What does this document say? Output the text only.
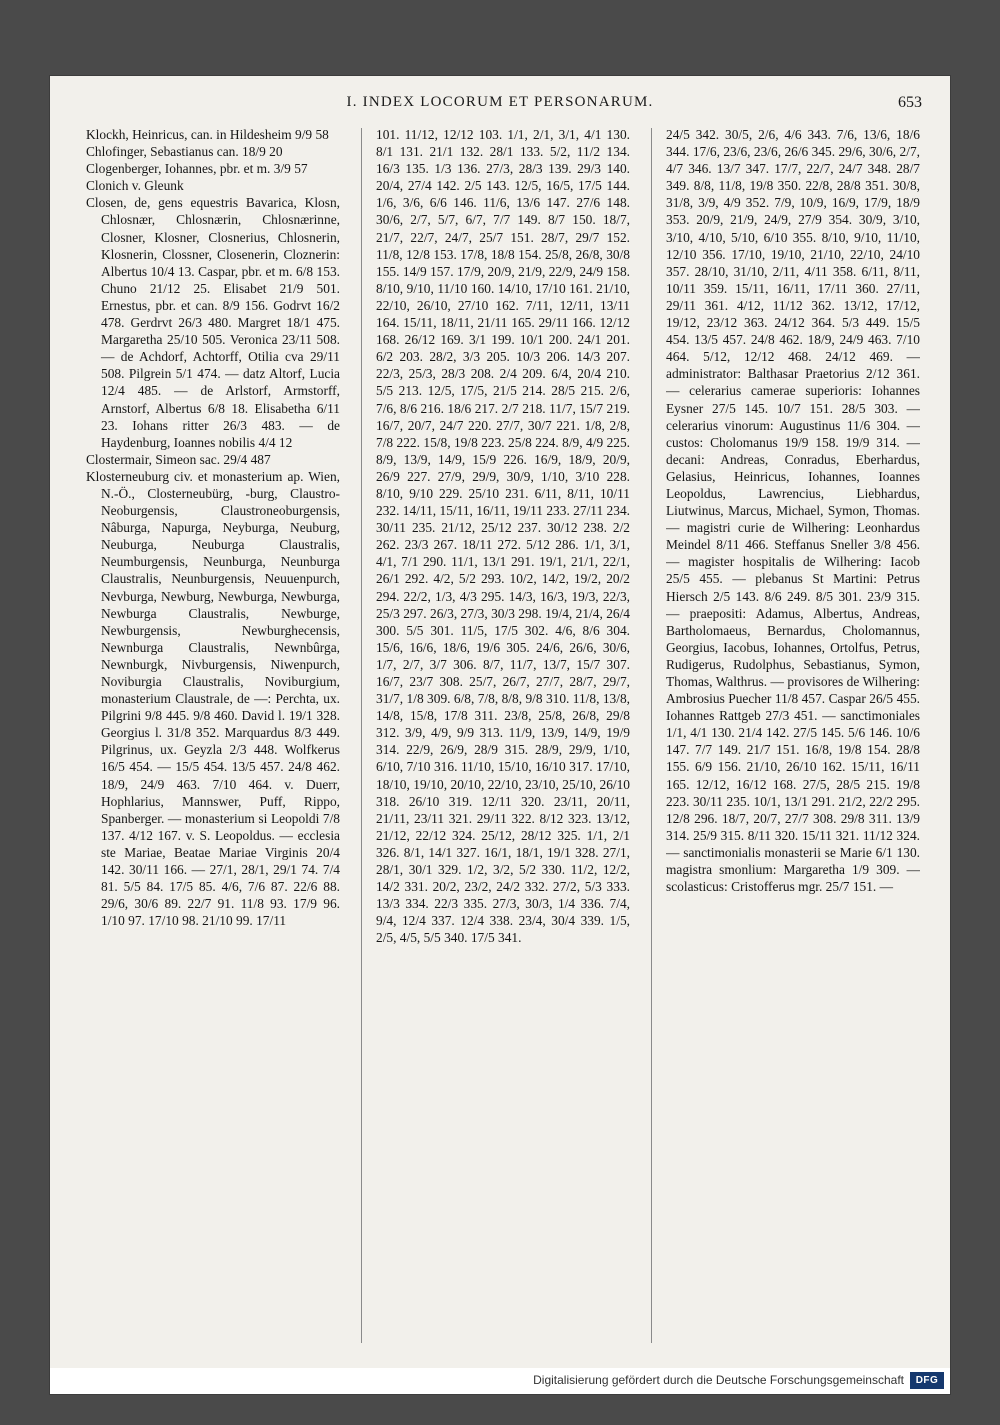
I. INDEX LOCORUM ET PERSONARUM.	653

Klockh, Heinricus, can. in Hildesheim 9/9 58

Chlofinger, Sebastianus can. 18/9 20

Clogenberger, Iohannes, pbr. et m. 3/9 57

Clonich v. Gleunk

Closen, de, gens equestris Bavarica, Klosn, Chlosnær, Chlosnærin, Chlosnærinne, Closner, Klosner, Closnerius, Chlosnerin, Klosnerin, Clossner, Closenerin, Cloznerin: Albertus 10/4 13. Caspar, pbr. et m. 6/8 153. Chuno 21/12 25. Elisabet 21/9 501. Ernestus, pbr. et can. 8/9 156. Godrvt 16/2 478. Gerdrvt 26/3 480. Margret 18/1 475. Margaretha 25/10 505. Veronica 23/11 508. — de Achdorf, Achtorff, Otilia cva 29/11 508. Pilgrein 5/1 474. — datz Altorf, Lucia 12/4 485. — de Arlstorf, Armstorff, Arnstorf, Albertus 6/8 18. Elisabetha 6/11 23. Iohans ritter 26/3 483. — de Haydenburg, Ioannes nobilis 4/4 12

Clostermair, Simeon sac. 29/4 487

Klosterneuburg civ. et monasterium ap. Wien, N.-Ö., Closterneubürg, -burg, Claustro-Neoburgensis, Claustroneoburgensis, Nâburga, Napurga, Neyburga, Neuburg, Neuburga, Neuburga Claustralis, Neumburgensis, Neunburga, Neunburga Claustralis, Neunburgensis, Neuuenpurch, Nevburga, Newburg, Newburga, Newburga, Newburga Claustralis, Newburge, Newburgensis, Newburghecensis, Newnburga Claustralis, Newnbûrga, Newnburgk, Nivburgensis, Niwenpurch, Noviburgia Claustralis, Noviburgium, monasterium Claustrale, de —: Perchta, ux. Pilgrini 9/8 445. 9/8 460. David l. 19/1 328. Georgius l. 31/8 352. Marquardus 8/3 449. Pilgrinus, ux. Geyzla 2/3 448. Wolfkerus 16/5 454. — 15/5 454. 13/5 457. 24/8 462. 18/9, 24/9 463. 7/10 464. v. Duerr, Hophlarius, Mannswer, Puff, Rippo, Spanberger. — monasterium si Leopoldi 7/8 137. 4/12 167. v. S. Leopoldus. — ecclesia ste Mariae, Beatae Mariae Virginis 20/4 142. 30/11 166. — 27/1, 28/1, 29/1 74. 7/4 81. 5/5 84. 17/5 85. 4/6, 7/6 87. 22/6 88. 29/6, 30/6 89. 22/7 91. 11/8 93. 17/9 96. 1/10 97. 17/10 98. 21/10 99. 17/11

101. 11/12, 12/12 103. 1/1, 2/1, 3/1, 4/1 130. 8/1 131. 21/1 132. 28/1 133. 5/2, 11/2 134. 16/3 135. 1/3 136. 27/3, 28/3 139. 29/3 140. 20/4, 27/4 142. 2/5 143. 12/5, 16/5, 17/5 144. 1/6, 3/6, 6/6 146. 11/6, 13/6 147. 27/6 148. 30/6, 2/7, 5/7, 6/7, 7/7 149. 8/7 150. 18/7, 21/7, 22/7, 24/7, 25/7 151. 28/7, 29/7 152. 11/8, 12/8 153. 17/8, 18/8 154. 25/8, 26/8, 30/8 155. 14/9 157. 17/9, 20/9, 21/9, 22/9, 24/9 158. 8/10, 9/10, 11/10 160. 14/10, 17/10 161. 21/10, 22/10, 26/10, 27/10 162. 7/11, 12/11, 13/11 164. 15/11, 18/11, 21/11 165. 29/11 166. 12/12 168. 26/12 169. 3/1 199. 10/1 200. 24/1 201. 6/2 203. 28/2, 3/3 205. 10/3 206. 14/3 207. 22/3, 25/3, 28/3 208. 2/4 209. 6/4, 20/4 210. 5/5 213. 12/5, 17/5, 21/5 214. 28/5 215. 2/6, 7/6, 8/6 216. 18/6 217. 2/7 218. 11/7, 15/7 219. 16/7, 20/7, 24/7 220. 27/7, 30/7 221. 1/8, 2/8, 7/8 222. 15/8, 19/8 223. 25/8 224. 8/9, 4/9 225. 8/9, 13/9, 14/9, 15/9 226. 16/9, 18/9, 20/9, 26/9 227. 27/9, 29/9, 30/9, 1/10, 3/10 228. 8/10, 9/10 229. 25/10 231. 6/11, 8/11, 10/11 232. 14/11, 15/11, 16/11, 19/11 233. 27/11 234. 30/11 235. 21/12, 25/12 237. 30/12 238. 2/2 262. 23/3 267. 18/11 272. 5/12 286. 1/1, 3/1, 4/1, 7/1 290. 11/1, 13/1 291. 19/1, 21/1, 22/1, 26/1 292. 4/2, 5/2 293. 10/2, 14/2, 19/2, 20/2 294. 22/2, 1/3, 4/3 295. 14/3, 16/3, 19/3, 22/3, 25/3 297. 26/3, 27/3, 30/3 298. 19/4, 21/4, 26/4 300. 5/5 301. 11/5, 17/5 302. 4/6, 8/6 304. 15/6, 16/6, 18/6, 19/6 305. 24/6, 26/6, 30/6, 1/7, 2/7, 3/7 306. 8/7, 11/7, 13/7, 15/7 307. 16/7, 23/7 308. 25/7, 26/7, 27/7, 28/7, 29/7, 31/7, 1/8 309. 6/8, 7/8, 8/8, 9/8 310. 11/8, 13/8, 14/8, 15/8, 17/8 311. 23/8, 25/8, 26/8, 29/8 312. 3/9, 4/9, 9/9 313. 11/9, 13/9, 14/9, 19/9 314. 22/9, 26/9, 28/9 315. 28/9, 29/9, 1/10, 6/10, 7/10 316. 11/10, 15/10, 16/10 317. 17/10, 18/10, 19/10, 20/10, 22/10, 23/10, 25/10, 26/10 318. 26/10 319. 12/11 320. 23/11, 20/11, 21/11, 23/11 321. 29/11 322. 8/12 323. 13/12, 21/12, 22/12 324. 25/12, 28/12 325. 1/1, 2/1 326. 8/1, 14/1 327. 16/1, 18/1, 19/1 328. 27/1, 28/1, 30/1 329. 1/2, 3/2, 5/2 330. 11/2, 12/2, 14/2 331. 20/2, 23/2, 24/2 332. 27/2, 5/3 333. 13/3 334. 22/3 335. 27/3, 30/3, 1/4 336. 7/4, 9/4, 12/4 337. 12/4 338. 23/4, 30/4 339. 1/5, 2/5, 4/5, 5/5 340. 17/5 341.

24/5 342. 30/5, 2/6, 4/6 343. 7/6, 13/6, 18/6 344. 17/6, 23/6, 23/6, 26/6 345. 29/6, 30/6, 2/7, 4/7 346. 13/7 347. 17/7, 22/7, 24/7 348. 28/7 349. 8/8, 11/8, 19/8 350. 22/8, 28/8 351. 30/8, 31/8, 3/9, 4/9 352. 7/9, 10/9, 16/9, 17/9, 18/9 353. 20/9, 21/9, 24/9, 27/9 354. 30/9, 3/10, 3/10, 4/10, 5/10, 6/10 355. 8/10, 9/10, 11/10, 12/10 356. 17/10, 19/10, 21/10, 22/10, 24/10 357. 28/10, 31/10, 2/11, 4/11 358. 6/11, 8/11, 10/11 359. 15/11, 16/11, 17/11 360. 27/11, 29/11 361. 4/12, 11/12 362. 13/12, 17/12, 19/12, 23/12 363. 24/12 364. 5/3 449. 15/5 454. 13/5 457. 24/8 462. 18/9, 24/9 463. 7/10 464. 5/12, 12/12 468. 24/12 469. — administrator: Balthasar Praetorius 2/12 361. — celerarius camerae superioris: Iohannes Eysner 27/5 145. 10/7 151. 28/5 303. — celerarius vinorum: Augustinus 11/6 304. — custos: Cholomanus 19/9 158. 19/9 314. — decani: Andreas, Conradus, Eberhardus, Gelasius, Heinricus, Iohannes, Ioannes Leopoldus, Lawrencius, Liebhardus, Liutwinus, Marcus, Michael, Symon, Thomas. — magistri curie de Wilhering: Leonhardus Meindel 8/11 466. Steffanus Sneller 3/8 456. — magister hospitalis de Wilhering: Iacob 25/5 455. — plebanus St Martini: Petrus Hiersch 2/5 143. 8/6 249. 8/5 301. 23/9 315. — praepositi: Adamus, Albertus, Andreas, Bartholomaeus, Bernardus, Cholomannus, Georgius, Iacobus, Iohannes, Ortolfus, Petrus, Rudigerus, Rudolphus, Sebastianus, Symon, Thomas, Walthrus. — provisores de Wilhering: Ambrosius Puecher 11/8 457. Caspar 26/5 455. Iohannes Rattgeb 27/3 451. — sanctimoniales 1/1, 4/1 130. 21/4 142. 27/5 145. 5/6 146. 10/6 147. 7/7 149. 21/7 151. 16/8, 19/8 154. 28/8 155. 6/9 156. 21/10, 26/10 162. 15/11, 16/11 165. 12/12, 16/12 168. 27/5, 28/5 215. 19/8 223. 30/11 235. 10/1, 13/1 291. 21/2, 22/2 295. 12/8 296. 18/7, 20/7, 27/7 308. 29/8 311. 13/9 314. 25/9 315. 8/11 320. 15/11 321. 11/12 324. — sanctimonialis monasterii se Marie 6/1 130. magistra smonlium: Margaretha 1/9 309. — scolasticus: Cristofferus mgr. 25/7 151. —

Digitalisierung gefördert durch die Deutsche Forschungsgemeinschaft	DFG
